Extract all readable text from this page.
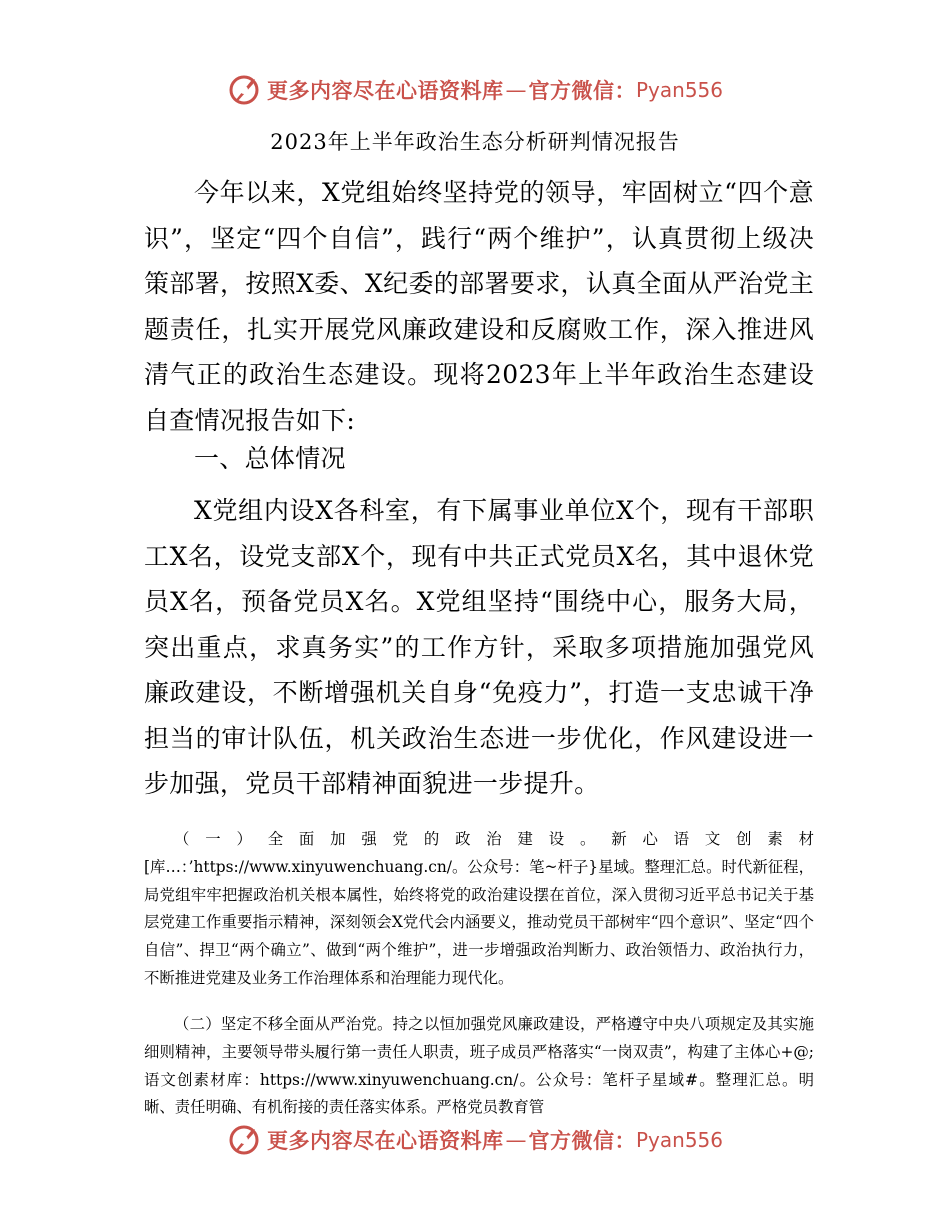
更多内容尽在心语资料库 — 官方微信： Pyan556
2023年上半年政治生态分析研判情况报告

今年以来，X党组始终坚持党的领导，牢固树立“四个意识”，坚定“四个自信”，践行“两个维护”，认真贯彻上级决策部署，按照X委、X纪委的部署要求，认真全面从严治党主题责任，扎实开展党风廉政建设和反腐败工作，深入推进风清气正的政治生态建设。现将2023年上半年政治生态建设自查情况报告如下:

一、总体情况

X党组内设X各科室，有下属事业单位X个，现有干部职工X名，设党支部X个，现有中共正式党员X名，其中退休党员X名，预备党员X名。X党组坚持“围绕中心，服务大局，突出重点，求真务实”的工作方针，采取多项措施加强党风廉政建设，不断增强机关自身“免疫力”，打造一支忠诚干净担当的审计队伍，机关政治生态进一步优化，作风建设进一步加强，党员干部精神面貌进一步提升。

（一）全面加强党的政治建设。新心语文创素材[库…：’https://www.xinyuwenchuang.cn/。公众号：笔~杆子}星域。整理汇总。时代新征程，局党组牢牢把握政治机关根本属性，始终将党的政治建设摆在首位，深入贯彻习近平总书记关于基层党建工作重要指示精神，深刻领会X党代会内涵要义，推动党员干部树牢“四个意识”、坚定“四个自信”、捍卫“两个确立”、做到“两个维护”，进一步增强政治判断力、政治领悟力、政治执行力，不断推进党建及业务工作治理体系和治理能力现代化。

（二）坚定不移全面从严治党。持之以恒加强党风廉政建设，严格遵守中央八项规定及其实施细则精神，主要领导带头履行第一责任人职责，班子成员严格落实“一岗双责”，构建了主体心+@;语文创素材库：https://www.xinyuwenchuang.cn/。公众号：笔杆子星域#。整理汇总。明晰、责任明确、有机衔接的责任落实体系。严格党员教育管

更多内容尽在心语资料库 — 官方微信： Pyan556
